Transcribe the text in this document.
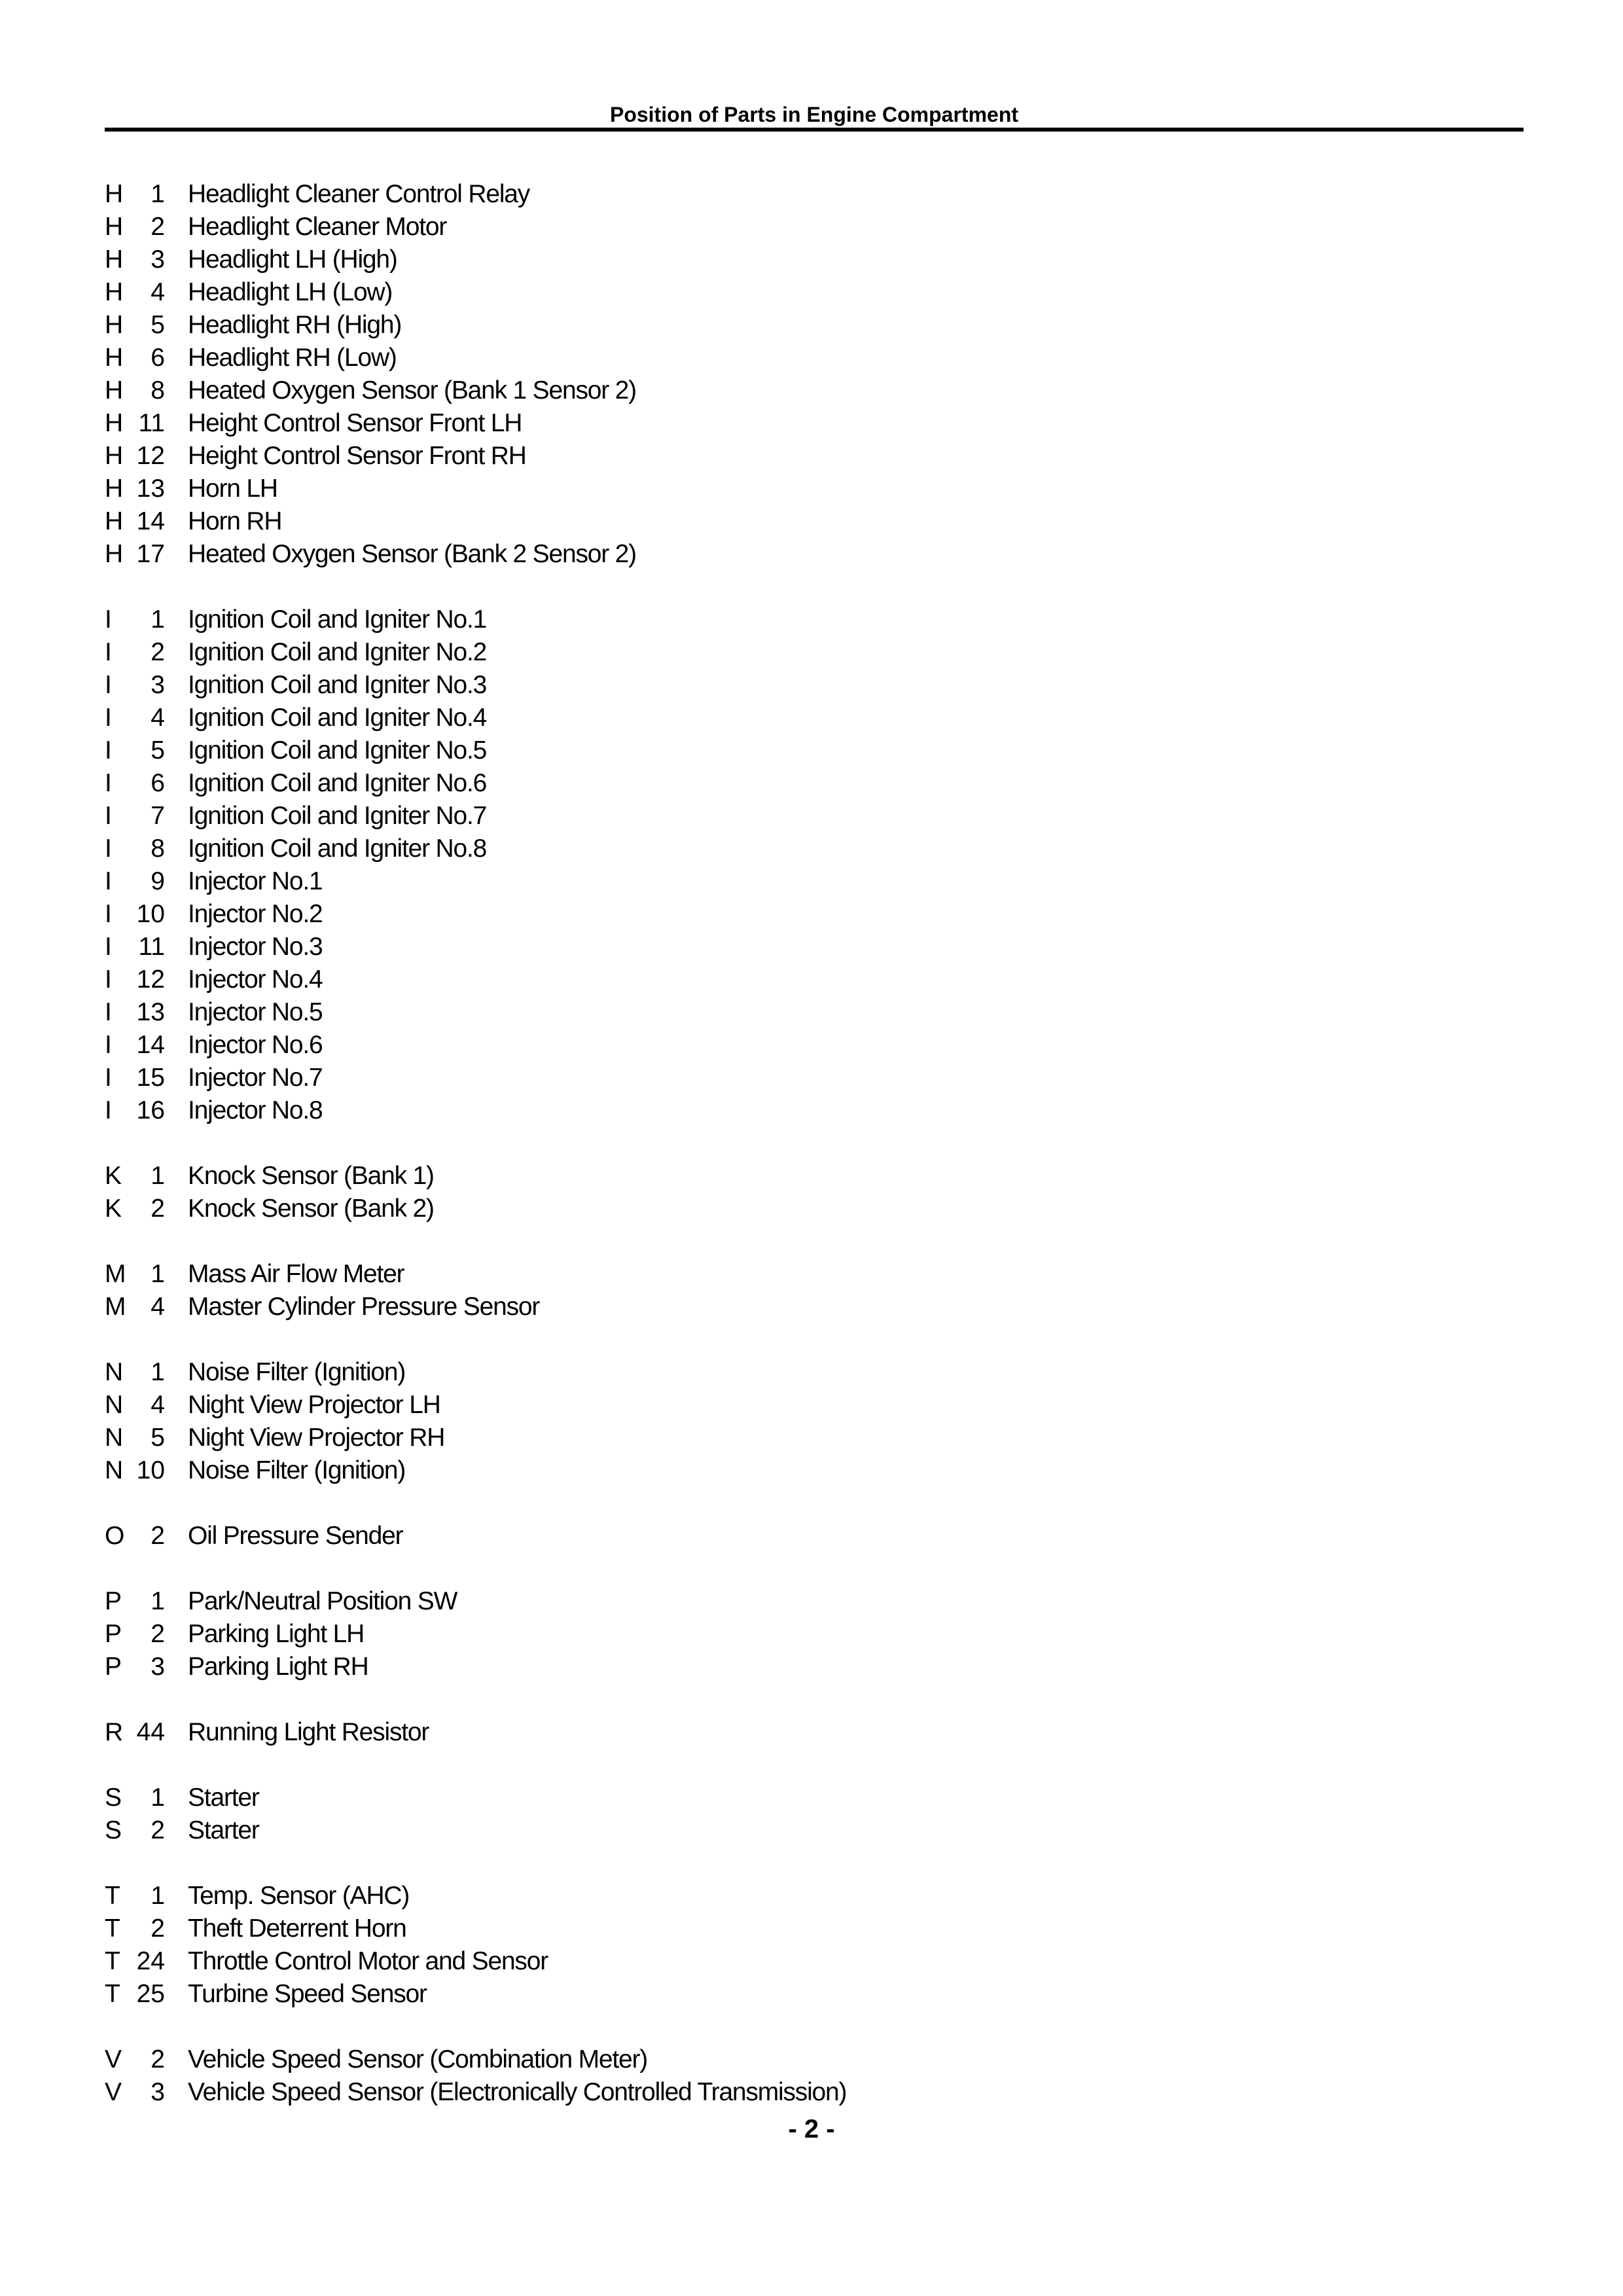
Position of Parts in Engine Compartment
H	1 Headlight Cleaner Control Relay
H	2 Headlight Cleaner Motor
H	3 Headlight LH (High)
H	4 Headlight LH (Low)
H	5 Headlight RH (High)
H	6 Headlight RH (Low)
H	8 Heated Oxygen Sensor (Bank 1 Sensor 2)
H 11 Height Control Sensor Front LH
H 12 Height Control Sensor Front RH
H 13 Horn LH
H 14 Horn RH
H 17 Heated Oxygen Sensor (Bank 2 Sensor 2)
I	1 Ignition Coil and Igniter No.1
I	2 Ignition Coil and Igniter No.2
I	3 Ignition Coil and Igniter No.3
I	4 Ignition Coil and Igniter No.4
I	5 Ignition Coil and Igniter No.5
I	6 Ignition Coil and Igniter No.6
I	7 Ignition Coil and Igniter No.7
I	8 Ignition Coil and Igniter No.8
I	9 Injector No.1
I 10 Injector No.2
I	11 Injector No.3
I 12 Injector No.4
I 13 Injector No.5
I 14 Injector No.6
I 15 Injector No.7
I 16 Injector No.8
K	1 Knock Sensor (Bank 1)
K	2 Knock Sensor (Bank 2)
M 1 Mass Air Flow Meter
M 4 Master Cylinder Pressure Sensor
N	1 Noise Filter (Ignition)
N	4 Night View Projector LH
N	5 Night View Projector RH
N 10 Noise Filter (Ignition)
O	2 Oil Pressure Sender
P	1 Park/Neutral Position SW
P	2 Parking Light LH
P	3 Parking Light RH
R 44 Running Light Resistor
S	1 Starter
S	2 Starter
T	1 Temp. Sensor (AHC)
T	2 Theft Deterrent Horn
T 24 Throttle Control Motor and Sensor
T 25 Turbine Speed Sensor
V	2 Vehicle Speed Sensor (Combination Meter)
V	3 Vehicle Speed Sensor (Electronically Controlled Transmission)
- 2 -
